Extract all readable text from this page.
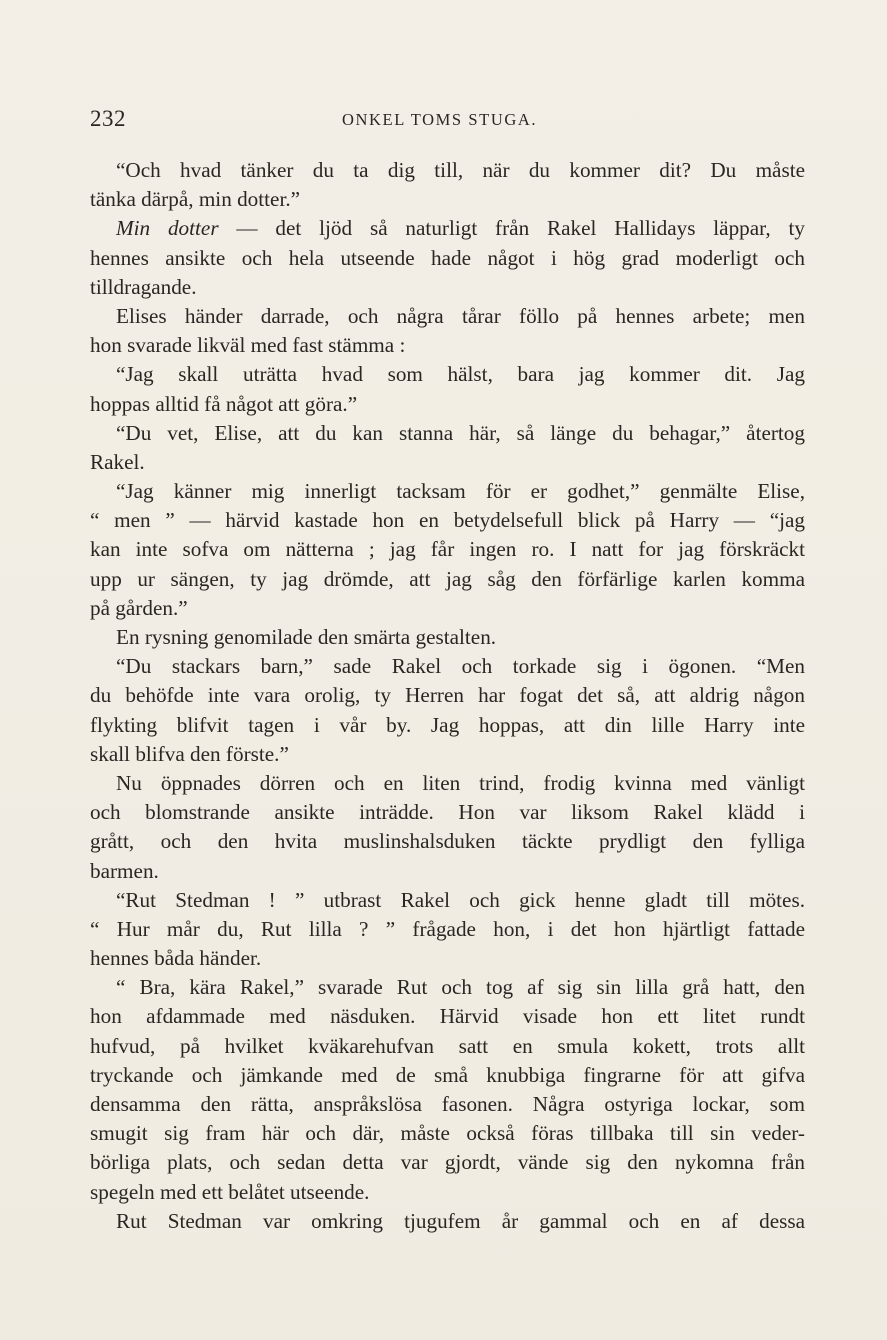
232	ONKEL TOMS STUGA.
“Och hvad tänker du ta dig till, när du kommer dit? Du måste
tänka därpå, min dotter.”
Min dotter — det ljöd så naturligt från Rakel Hallidays läppar, ty
hennes ansikte och hela utseende hade något i hög grad moderligt och
tilldragande.
Elises händer darrade, och några tårar föllo på hennes arbete; men
hon svarade likväl med fast stämma :
“Jag skall uträtta hvad som hälst, bara jag kommer dit. Jag
hoppas alltid få något att göra.”
“Du vet, Elise, att du kan stanna här, så länge du behagar,” återtog
Rakel.
“Jag känner mig innerligt tacksam för er godhet,” genmälte Elise,
“ men ” — härvid kastade hon en betydelsefull blick på Harry — “jag
kan inte sofva om nätterna ; jag får ingen ro. I natt for jag förskräckt
upp ur sängen, ty jag drömde, att jag såg den förfärlige karlen komma
på gården.”
En rysning genomilade den smärta gestalten.
“Du stackars barn,” sade Rakel och torkade sig i ögonen. “Men
du behöfde inte vara orolig, ty Herren har fogat det så, att aldrig någon
flykting blifvit tagen i vår by. Jag hoppas, att din lille Harry inte
skall blifva den förste.”
Nu öppnades dörren och en liten trind, frodig kvinna med vänligt
och blomstrande ansikte inträdde. Hon var liksom Rakel klädd i
grått, och den hvita muslinshalsduken täckte prydligt den fylliga
barmen.
“Rut Stedman ! ” utbrast Rakel och gick henne gladt till mötes.
“ Hur mår du, Rut lilla ? ” frågade hon, i det hon hjärtligt fattade
hennes båda händer.
“ Bra, kära Rakel,” svarade Rut och tog af sig sin lilla grå hatt, den
hon afdammade med näsduken. Härvid visade hon ett litet rundt
hufvud, på hvilket kväkarehufvan satt en smula kokett, trots allt
tryckande och jämkande med de små knubbiga fingrarne för att gifva
densamma den rätta, anspråkslösa fasonen. Några ostyriga lockar, som
smugit sig fram här och där, måste också föras tillbaka till sin veder-
börliga plats, och sedan detta var gjordt, vände sig den nykomna från
spegeln med ett belåtet utseende.
Rut Stedman var omkring tjugufem år gammal och en af dessa
